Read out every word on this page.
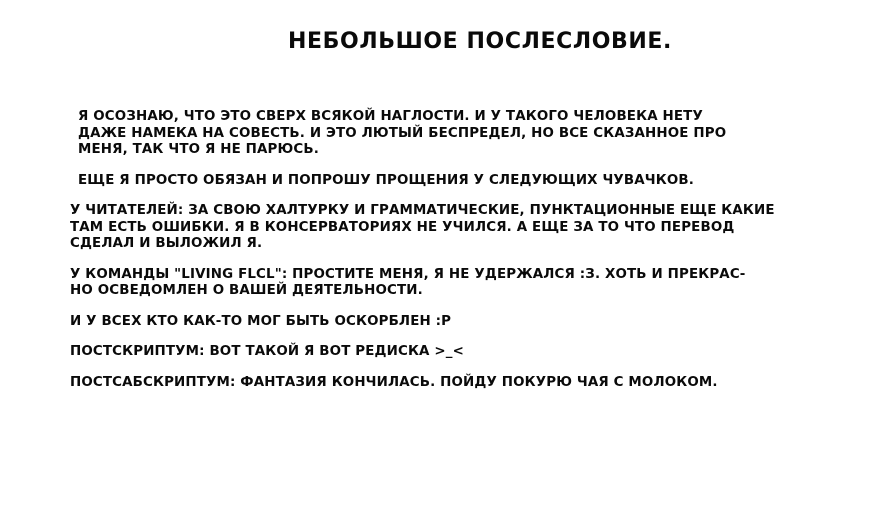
НЕБОЛЬШОЕ ПОСЛЕСЛОВИЕ.
Я ОСОЗНАЮ, ЧТО ЭТО СВЕРХ ВСЯКОЙ НАГЛОСТИ. И У ТАКОГО ЧЕЛОВЕКА НЕТУ
ДАЖЕ НАМЕКА НА СОВЕСТЬ. И ЭТО ЛЮТЫЙ БЕСПРЕДЕЛ, НО ВСЕ СКАЗАННОЕ ПРО
МЕНЯ, ТАК ЧТО Я НЕ ПАРЮСЬ.
ЕЩЕ Я ПРОСТО ОБЯЗАН И ПОПРОШУ ПРОЩЕНИЯ У СЛЕДУЮЩИХ ЧУВАЧКОВ.
У ЧИТАТЕЛЕЙ: ЗА СВОЮ ХАЛТУРКУ И ГРАММАТИЧЕСКИЕ, ПУНКТАЦИОННЫЕ ЕЩЕ КАКИЕ
ТАМ ЕСТЬ ОШИБКИ. Я В КОНСЕРВАТОРИЯХ НЕ УЧИЛСЯ. А ЕЩЕ ЗА ТО ЧТО ПЕРЕВОД
СДЕЛАЛ И ВЫЛОЖИЛ Я.
У КОМАНДЫ "LIVING FLCL": ПРОСТИТЕ МЕНЯ, Я НЕ УДЕРЖАЛСЯ :З. ХОТЬ И ПРЕКРАС-
НО ОСВЕДОМЛЕН О ВАШЕЙ ДЕЯТЕЛЬНОСТИ.
И У ВСЕХ КТО КАК-ТО МОГ БЫТЬ ОСКОРБЛЕН :Р
ПОСТСКРИПТУМ: ВОТ ТАКОЙ Я ВОТ РЕДИСКА >_<
ПОСТСАБСКРИПТУМ: ФАНТАЗИЯ КОНЧИЛАСЬ. ПОЙДУ ПОКУРЮ ЧАЯ С МОЛОКОМ.
